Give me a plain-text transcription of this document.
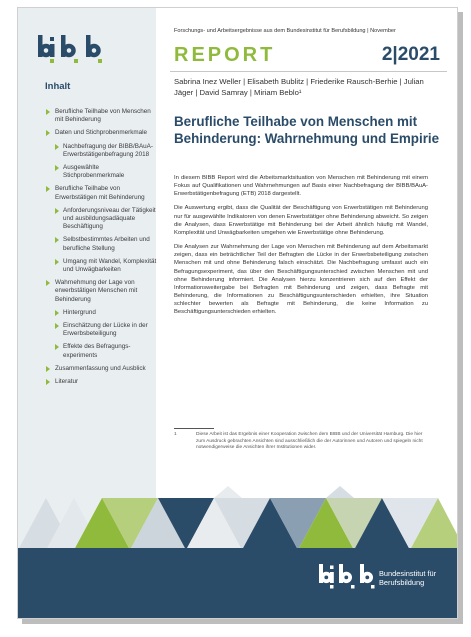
Inhalt
Berufliche Teilhabe von Menschen mit Behinderung
Daten und Stichprobenmerkmale
Nachbefragung der BIBB/BAuA-Erwerbstätigenbefragung 2018
Ausgewählte Stichprobenmerkmale
Berufliche Teilhabe von Erwerbstätigen mit Behinderung
Anforderungsniveau der Tätigkeit und ausbildungsadäquate Beschäftigung
Selbstbestimmtes Arbeiten und berufliche Stellung
Umgang mit Wandel, Komplexität und Unwägbarkeiten
Wahrnehmung der Lage von erwerbstätigen Menschen mit Behinderung
Hintergrund
Einschätzung der Lücke in der Erwerbsbeteiligung
Effekte des Befragungs-experiments
Zusammenfassung und Ausblick
Literatur
Forschungs- und Arbeitsergebnisse aus dem Bundesinstitut für Berufsbildung | November
REPORT	2|2021
Sabrina Inez Weller | Elisabeth Bublitz | Friederike Rausch-Berhie | Julian Jäger | David Samray | Miriam Beblo¹
Berufliche Teilhabe von Menschen mit Behinderung: Wahrnehmung und Empirie

In diesem BIBB Report wird die Arbeitsmarktsituation von Menschen mit Behinderung mit einem Fokus auf Qualifikationen und Wahrnehmungen auf Basis einer Nachbefragung der BIBB/BAuA-Erwerbstätigenbefragung (ETB) 2018 dargestellt.

Die Auswertung ergibt, dass die Qualität der Beschäftigung von Erwerbstätigen mit Behinderung nur für ausgewählte Indikatoren von denen Erwerbstätiger ohne Behinderung abweicht. So zeigen die Analysen, dass Erwerbstätige mit Behinderung bei der Arbeit ähnlich häufig mit Wandel, Komplexität und Unwägbarkeiten umgehen wie Erwerbstätige ohne Behinderung.

Die Analysen zur Wahrnehmung der Lage von Menschen mit Behinderung auf dem Arbeitsmarkt zeigen, dass ein beträchtlicher Teil der Befragten die Lücke in der Erwerbsbeteiligung zwischen Menschen mit und ohne Behinderung falsch einschätzt. Die Nachbefragung umfasst auch ein Befragungsexperiment, das über den Beschäftigungsunterschied zwischen Menschen mit und ohne Behinderung informiert. Die Analysen hierzu konzentrieren sich auf den Effekt der Informationsweitergabe bei Befragten mit Behinderung und zeigen, dass Befragte mit Behinderung, die Informationen zu Beschäftigungsunterschieden erhielten, ihre Situation schlechter bewerten als Befragte mit Behinderung, die keine Information zu Beschäftigungsunterschieden erhielten.

1	Diese Arbeit ist das Ergebnis einer Kooperation zwischen dem BIBB und der Universität Hamburg. Die hier zum Ausdruck gebrachten Ansichten sind ausschließlich die der Autorinnen und Autoren und spiegeln nicht notwendigerweise die Ansichten ihrer Institutionen wider.
Bundesinstitut für
Berufsbildung
